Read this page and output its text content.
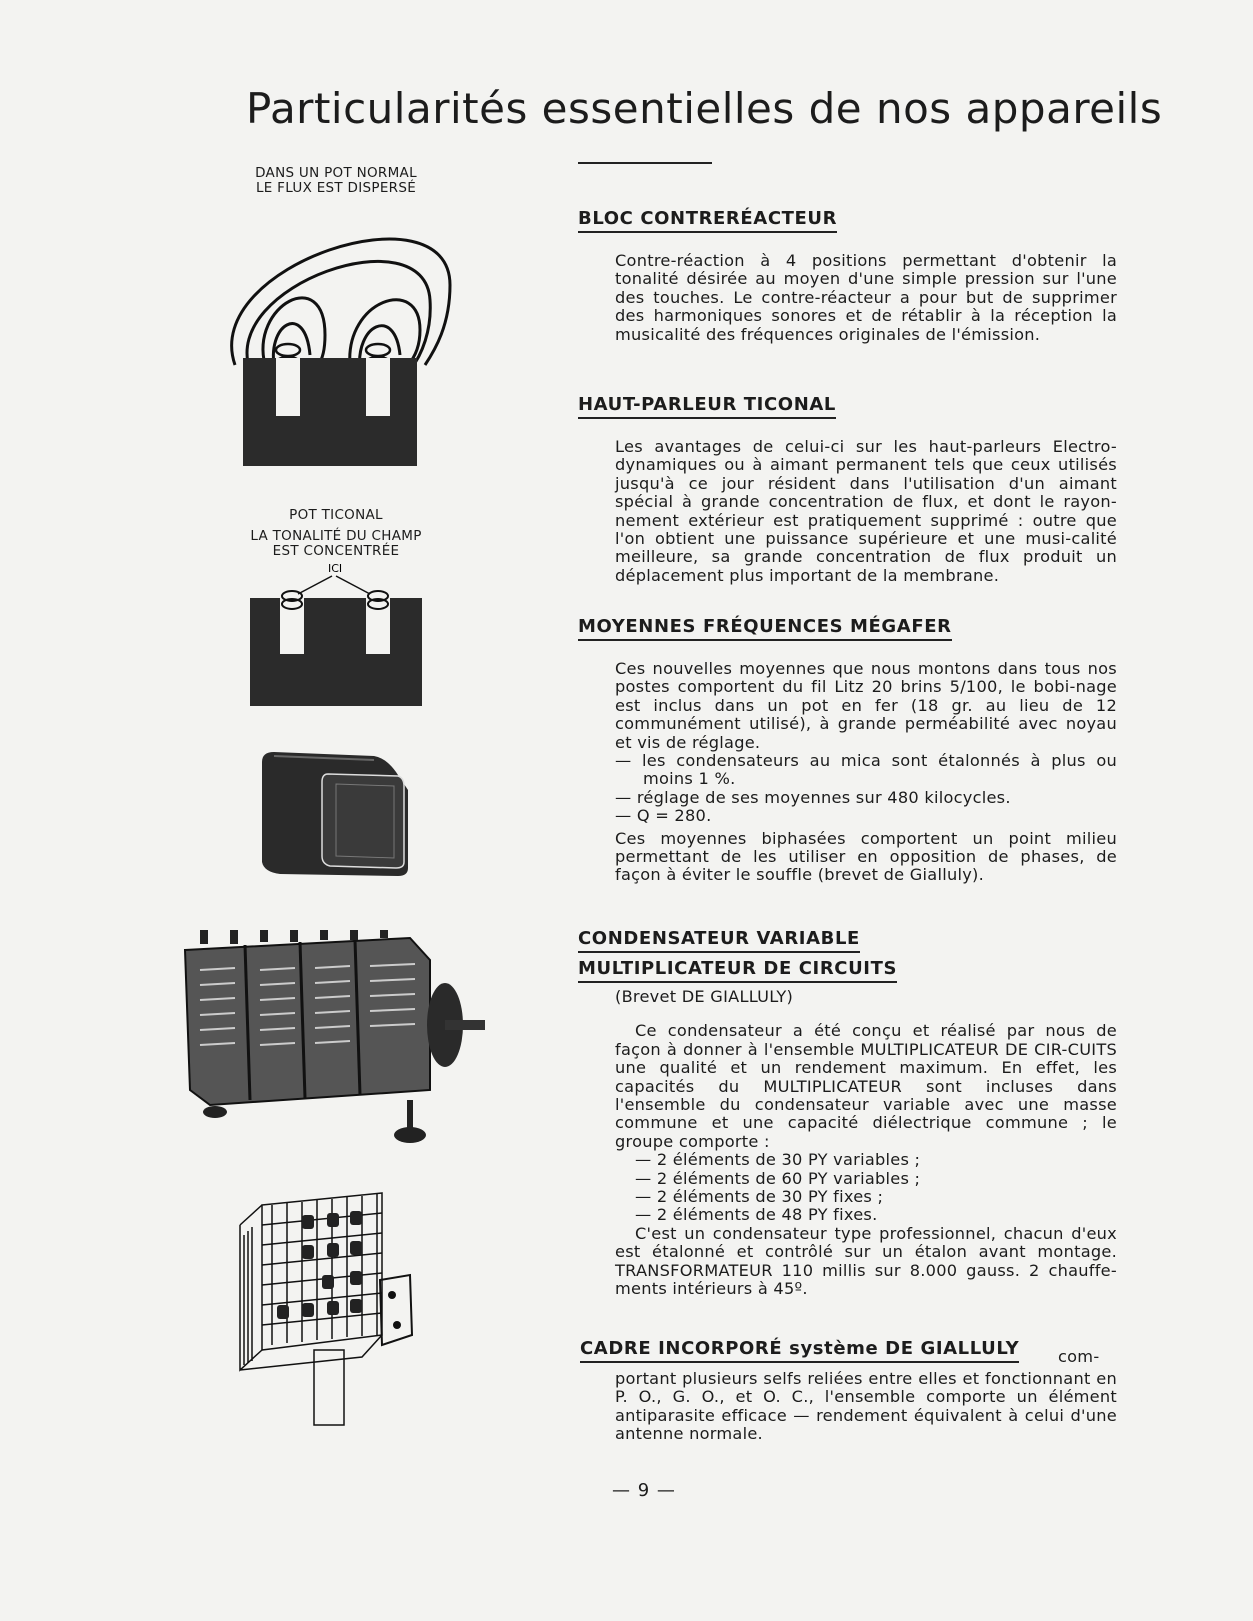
Particularités essentielles de nos appareils
DANS UN POT NORMAL
LE FLUX EST DISPERSÉ
POT TICONAL
LA TONALITÉ DU CHAMP
EST CONCENTRÉE
ICI
BLOC CONTRERÉACTEUR

Contre-réaction à 4 positions permettant d'obtenir la tonalité désirée au moyen d'une simple pression sur l'une des touches. Le contre-réacteur a pour but de supprimer des harmoniques sonores et de rétablir à la réception la musicalité des fréquences originales de l'émission.

HAUT-PARLEUR TICONAL

Les avantages de celui-ci sur les haut-parleurs Electro-dynamiques ou à aimant permanent tels que ceux utilisés jusqu'à ce jour résident dans l'utilisation d'un aimant spécial à grande concentration de flux, et dont le rayon-nement extérieur est pratiquement supprimé : outre que l'on obtient une puissance supérieure et une musi-calité meilleure, sa grande concentration de flux produit un déplacement plus important de la membrane.

MOYENNES FRÉQUENCES MÉGAFER

Ces nouvelles moyennes que nous montons dans tous nos postes comportent du fil Litz 20 brins 5/100, le bobi-nage est inclus dans un pot en fer (18 gr. au lieu de 12 communément utilisé), à grande perméabilité avec noyau et vis de réglage.

— les condensateurs au mica sont étalonnés à plus ou moins 1 %.

— réglage de ses moyennes sur 480 kilocycles.

— Q = 280.

Ces moyennes biphasées comportent un point milieu permettant de les utiliser en opposition de phases, de façon à éviter le souffle (brevet de Giallulу).

CONDENSATEUR VARIABLE
MULTIPLICATEUR DE CIRCUITS

(Brevet DE GIALLULY)

Ce condensateur a été conçu et réalisé par nous de façon à donner à l'ensemble MULTIPLICATEUR DE CIR-CUITS une qualité et un rendement maximum. En effet, les capacités du MULTIPLICATEUR sont incluses dans l'ensemble du condensateur variable avec une masse commune et une capacité diélectrique commune ; le groupe comporte :

— 2 éléments de 30 PY variables ;

— 2 éléments de 60 PY variables ;

— 2 éléments de 30 PY fixes ;

— 2 éléments de 48 PY fixes.

C'est un condensateur type professionnel, chacun d'eux est étalonné et contrôlé sur un étalon avant montage. TRANSFORMATEUR 110 millis sur 8.000 gauss. 2 chauffe-ments intérieurs à 45º.

CADRE INCORPORÉ système DE GIALLULY com-

portant plusieurs selfs reliées entre elles et fonctionnant en P. O., G. O., et O. C., l'ensemble comporte un élément antiparasite efficace — rendement équivalent à celui d'une antenne normale.

— 9 —
